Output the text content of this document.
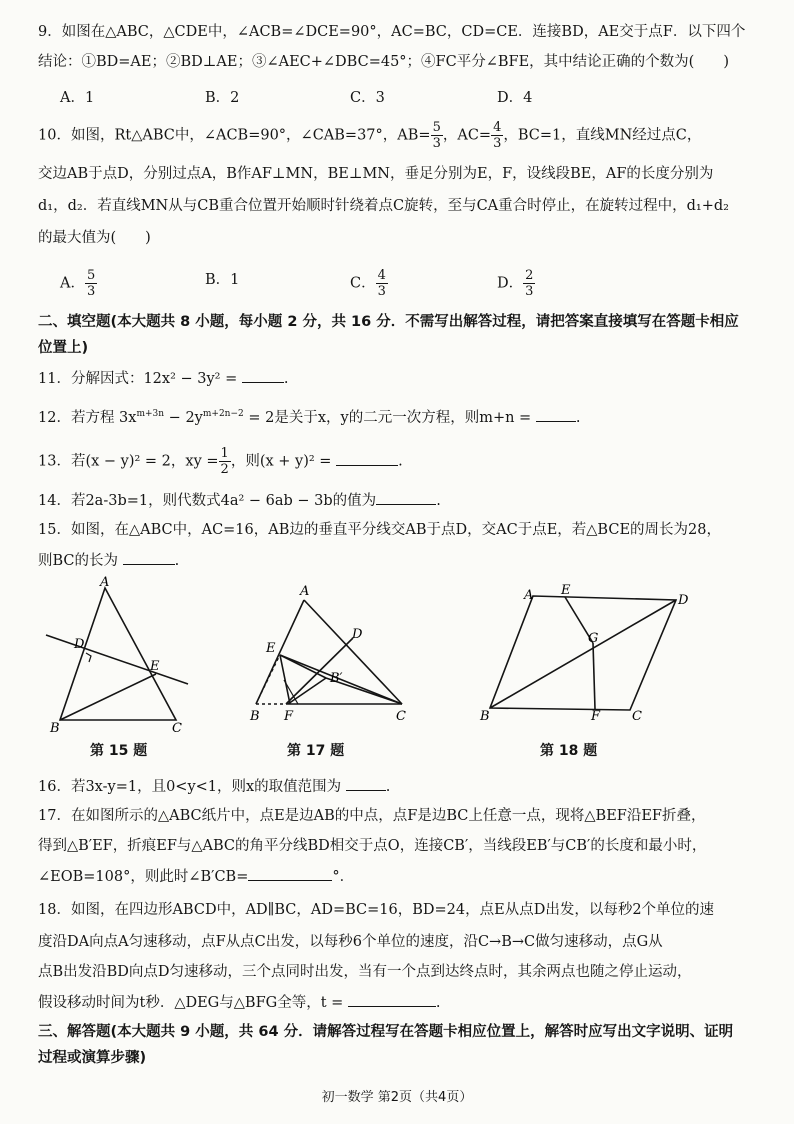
9．如图在△ABC，△CDE中，∠ACB=∠DCE=90°，AC=BC，CD=CE．连接BD，AE交于点F．以下四个
结论：①BD=AE；②BD⊥AE；③∠AEC+∠DBC=45°；④FC平分∠BFE，其中结论正确的个数为(　　)
A．1	B．2	C．3	D．4
10．如图，Rt△ABC中，∠ACB=90°，∠CAB=37°，$AB= \frac{5}{3}$ ，$AC= \frac{4}{3}$ ，BC=1，直线MN经过点C，
交边AB于点D，分别过点A，B作AF⊥MN，BE⊥MN，垂足分别为E，F，设线段BE，AF的长度分别为
d₁，d₂．若直线MN从与CB重合位置开始顺时针绕着点C旋转，至与CA重合时停止，在旋转过程中，d₁+d₂
的最大值为(　　)
A． $\frac{5}{3}$	B．1	C． $\frac{4}{3}$	D． $\frac{2}{3}$
二、填空题(本大题共 8 小题，每小题 2 分，共 16 分．不需写出解答过程，请把答案直接填写在答题卡相应
位置上)
11．分解因式：12x² − 3y² =	.
12．若方程 $3x^{m+3n} - 2y^{m+2n-2} = 2$是关于x，y的二元一次方程，则m+n =	.
13．若(x − y)² = 2，xy = $\frac{1}{2}$ ，则(x + y)² =	.
14．若2a-3b=1，则代数式4a² − 6ab − 3b的值为	.
15．如图，在△ABC中，AC=16，AB边的垂直平分线交AB于点D，交AC于点E，若△BCE的周长为28，
则BC的长为	.
A
B	C
D
E
第 15 题
A
B	C
D
E
F
B′
第 17 题
A
B	C
D
E
F
G
第 18 题
16．若3x-y=1，且0<y<1，则x的取值范围为	.
17．在如图所示的△ABC纸片中，点E是边AB的中点，点F是边BC上任意一点，现将△BEF沿EF折叠，
得到△B′EF，折痕EF与△ABC的角平分线BD相交于点O，连接CB′，当线段EB′与CB′的长度和最小时，
∠EOB=108°，则此时∠B′CB=	°．
18．如图，在四边形ABCD中，AD∥BC，AD=BC=16，BD=24，点E从点D出发，以每秒2个单位的速
度沿DA向点A匀速移动，点F从点C出发，以每秒6个单位的速度，沿C→B→C做匀速移动，点G从
点B出发沿BD向点D匀速移动，三个点同时出发，当有一个点到达终点时，其余两点也随之停止运动，
假设移动时间为t秒．△DEG与△BFG全等，t =	.
三、解答题(本大题共 9 小题，共 64 分．请解答过程写在答题卡相应位置上，解答时应写出文字说明、证明
过程或演算步骤)
初一数学 第2页（共4页）
